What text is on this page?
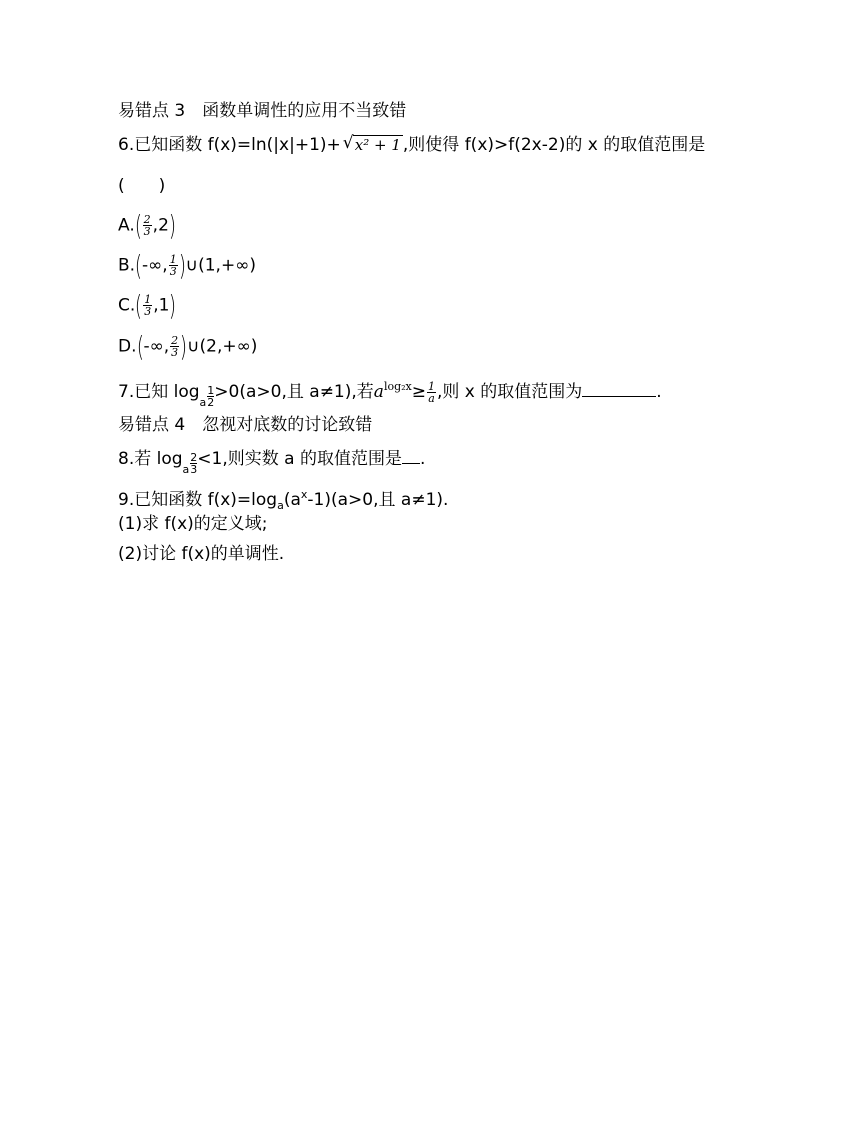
易错点 3　函数单调性的应用不当致错
6.已知函数 f(x)=ln(|x|+1)+ √ x² + 1 ,则使得 f(x)>f(2x-2)的 x 的取值范围是
(　　)
$A.( \frac{2}{3} ,2)$
B.(-∞, $\frac{1}{3}$ )∪(1,+∞)
$C.( \frac{1}{3} ,1)$
D.(-∞, $\frac{2}{3}$ )∪(2,+∞)
7.已知 log
a
1
2
>0(a>0,且 a≠1),若$a^{log_2x}\ge \frac{1}{a}$ ,则 x 的取值范围为	.
易错点 4　忽视对底数的讨论致错
8.若 log
a
2
3
<1,则实数 a 的取值范围是 .
9.已知函数 $f(x)=\log_a(a^x-1)(a>0$,且 a≠1).
(1)求 f(x)的定义域;
(2)讨论 f(x)的单调性.
